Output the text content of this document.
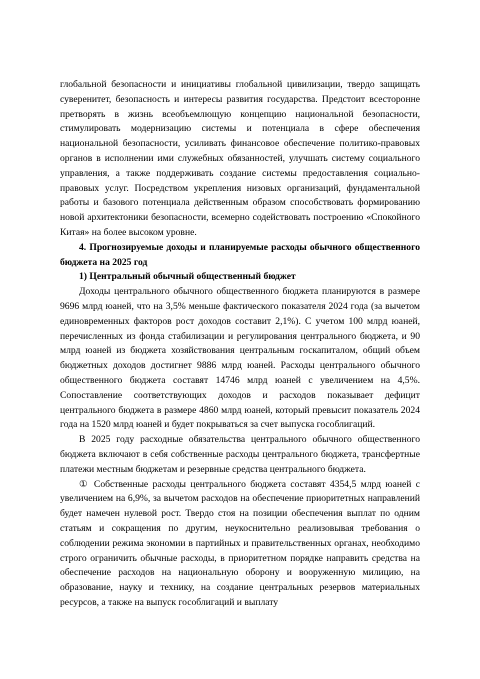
глобальной безопасности и инициативы глобальной цивилизации, твердо защищать суверенитет, безопасность и интересы развития государства. Предстоит всесторонне претворять в жизнь всеобъемлющую концепцию национальной безопасности, стимулировать модернизацию системы и потенциала в сфере обеспечения национальной безопасности, усиливать финансовое обеспечение политико-правовых органов в исполнении ими служебных обязанностей, улучшать систему социального управления, а также поддерживать создание системы предоставления социально-правовых услуг. Посредством укрепления низовых организаций, фундаментальной работы и базового потенциала действенным образом способствовать формированию новой архитектоники безопасности, всемерно содействовать построению «Спокойного Китая» на более высоком уровне.

4. Прогнозируемые доходы и планируемые расходы обычного общественного бюджета на 2025 год

1) Центральный обычный общественный бюджет

Доходы центрального обычного общественного бюджета планируются в размере 9696 млрд юаней, что на 3,5% меньше фактического показателя 2024 года (за вычетом единовременных факторов рост доходов составит 2,1%). С учетом 100 млрд юаней, перечисленных из фонда стабилизации и регулирования центрального бюджета, и 90 млрд юаней из бюджета хозяйствования центральным госкапиталом, общий объем бюджетных доходов достигнет 9886 млрд юаней. Расходы центрального обычного общественного бюджета составят 14746 млрд юаней с увеличением на 4,5%. Сопоставление соответствующих доходов и расходов показывает дефицит центрального бюджета в размере 4860 млрд юаней, который превысит показатель 2024 года на 1520 млрд юаней и будет покрываться за счет выпуска гособлигаций.

В 2025 году расходные обязательства центрального обычного общественного бюджета включают в себя собственные расходы центрального бюджета, трансфертные платежи местным бюджетам и резервные средства центрального бюджета.

① Собственные расходы центрального бюджета составят 4354,5 млрд юаней с увеличением на 6,9%, за вычетом расходов на обеспечение приоритетных направлений будет намечен нулевой рост. Твердо стоя на позиции обеспечения выплат по одним статьям и сокращения по другим, неукоснительно реализовывая требования о соблюдении режима экономии в партийных и правительственных органах, необходимо строго ограничить обычные расходы, в приоритетном порядке направить средства на обеспечение расходов на национальную оборону и вооруженную милицию, на образование, науку и технику, на создание центральных резервов материальных ресурсов, а также на выпуск гособлигаций и выплату
